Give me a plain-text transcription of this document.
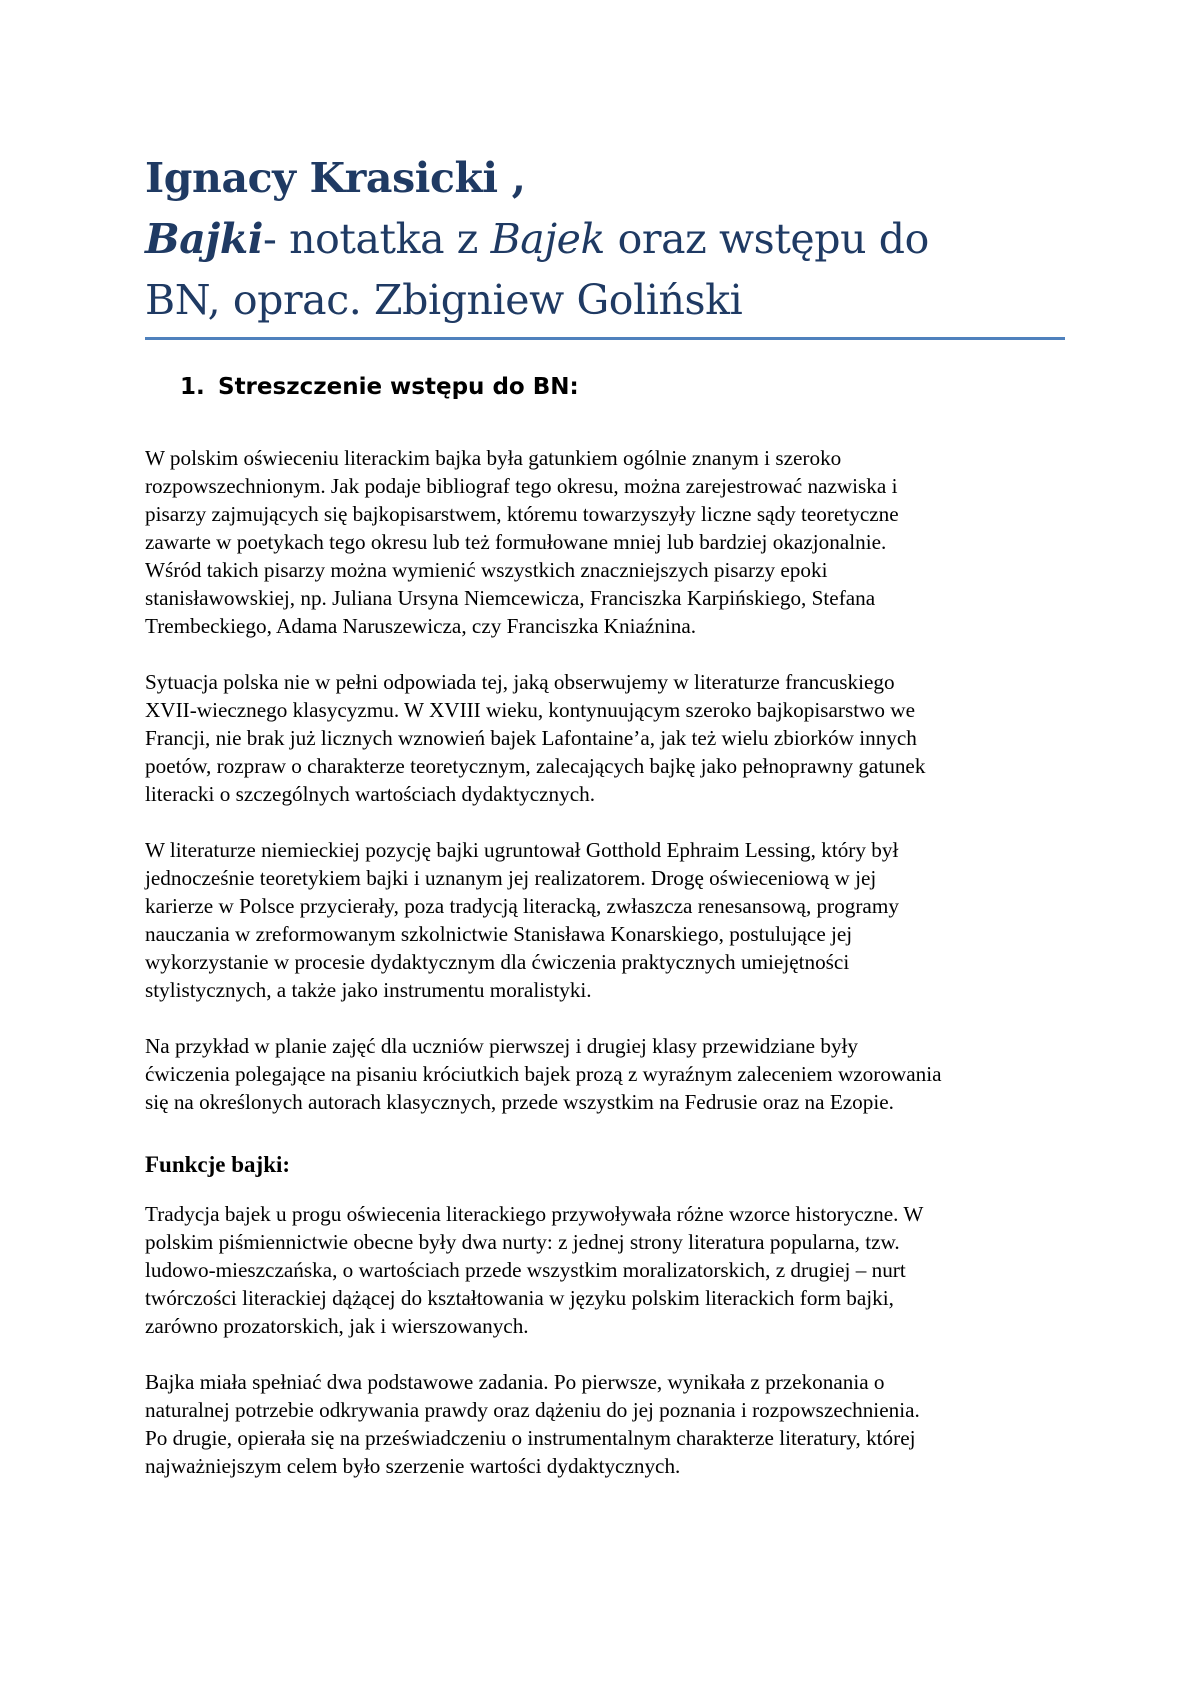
Ignacy Krasicki ,
Bajki- notatka z Bajek oraz wstępu do
BN, oprac. Zbigniew Goliński
1. Streszczenie wstępu do BN:
W polskim oświeceniu literackim bajka była gatunkiem ogólnie znanym i szeroko
rozpowszechnionym. Jak podaje bibliograf tego okresu, można zarejestrować nazwiska i
pisarzy zajmujących się bajkopisarstwem, któremu towarzyszyły liczne sądy teoretyczne
zawarte w poetykach tego okresu lub też formułowane mniej lub bardziej okazjonalnie.
Wśród takich pisarzy można wymienić wszystkich znaczniejszych pisarzy epoki
stanisławowskiej, np. Juliana Ursyna Niemcewicza, Franciszka Karpińskiego, Stefana
Trembeckiego, Adama Naruszewicza, czy Franciszka Kniaźnina.
Sytuacja polska nie w pełni odpowiada tej, jaką obserwujemy w literaturze francuskiego
XVII-wiecznego klasycyzmu. W XVIII wieku, kontynuującym szeroko bajkopisarstwo we
Francji, nie brak już licznych wznowień bajek Lafontaine’a, jak też wielu zbiorków innych
poetów, rozpraw o charakterze teoretycznym, zalecających bajkę jako pełnoprawny gatunek
literacki o szczególnych wartościach dydaktycznych.
W literaturze niemieckiej pozycję bajki ugruntował Gotthold Ephraim Lessing, który był
jednocześnie teoretykiem bajki i uznanym jej realizatorem. Drogę oświeceniową w jej
karierze w Polsce przycierały, poza tradycją literacką, zwłaszcza renesansową, programy
nauczania w zreformowanym szkolnictwie Stanisława Konarskiego, postulujące jej
wykorzystanie w procesie dydaktycznym dla ćwiczenia praktycznych umiejętności
stylistycznych, a także jako instrumentu moralistyki.
Na przykład w planie zajęć dla uczniów pierwszej i drugiej klasy przewidziane były
ćwiczenia polegające na pisaniu króciutkich bajek prozą z wyraźnym zaleceniem wzorowania
się na określonych autorach klasycznych, przede wszystkim na Fedrusie oraz na Ezopie.
Funkcje bajki:
Tradycja bajek u progu oświecenia literackiego przywoływała różne wzorce historyczne. W
polskim piśmiennictwie obecne były dwa nurty: z jednej strony literatura popularna, tzw.
ludowo-mieszczańska, o wartościach przede wszystkim moralizatorskich, z drugiej – nurt
twórczości literackiej dążącej do kształtowania w języku polskim literackich form bajki,
zarówno prozatorskich, jak i wierszowanych.
Bajka miała spełniać dwa podstawowe zadania. Po pierwsze, wynikała z przekonania o
naturalnej potrzebie odkrywania prawdy oraz dążeniu do jej poznania i rozpowszechnienia.
Po drugie, opierała się na przeświadczeniu o instrumentalnym charakterze literatury, której
najważniejszym celem było szerzenie wartości dydaktycznych.
